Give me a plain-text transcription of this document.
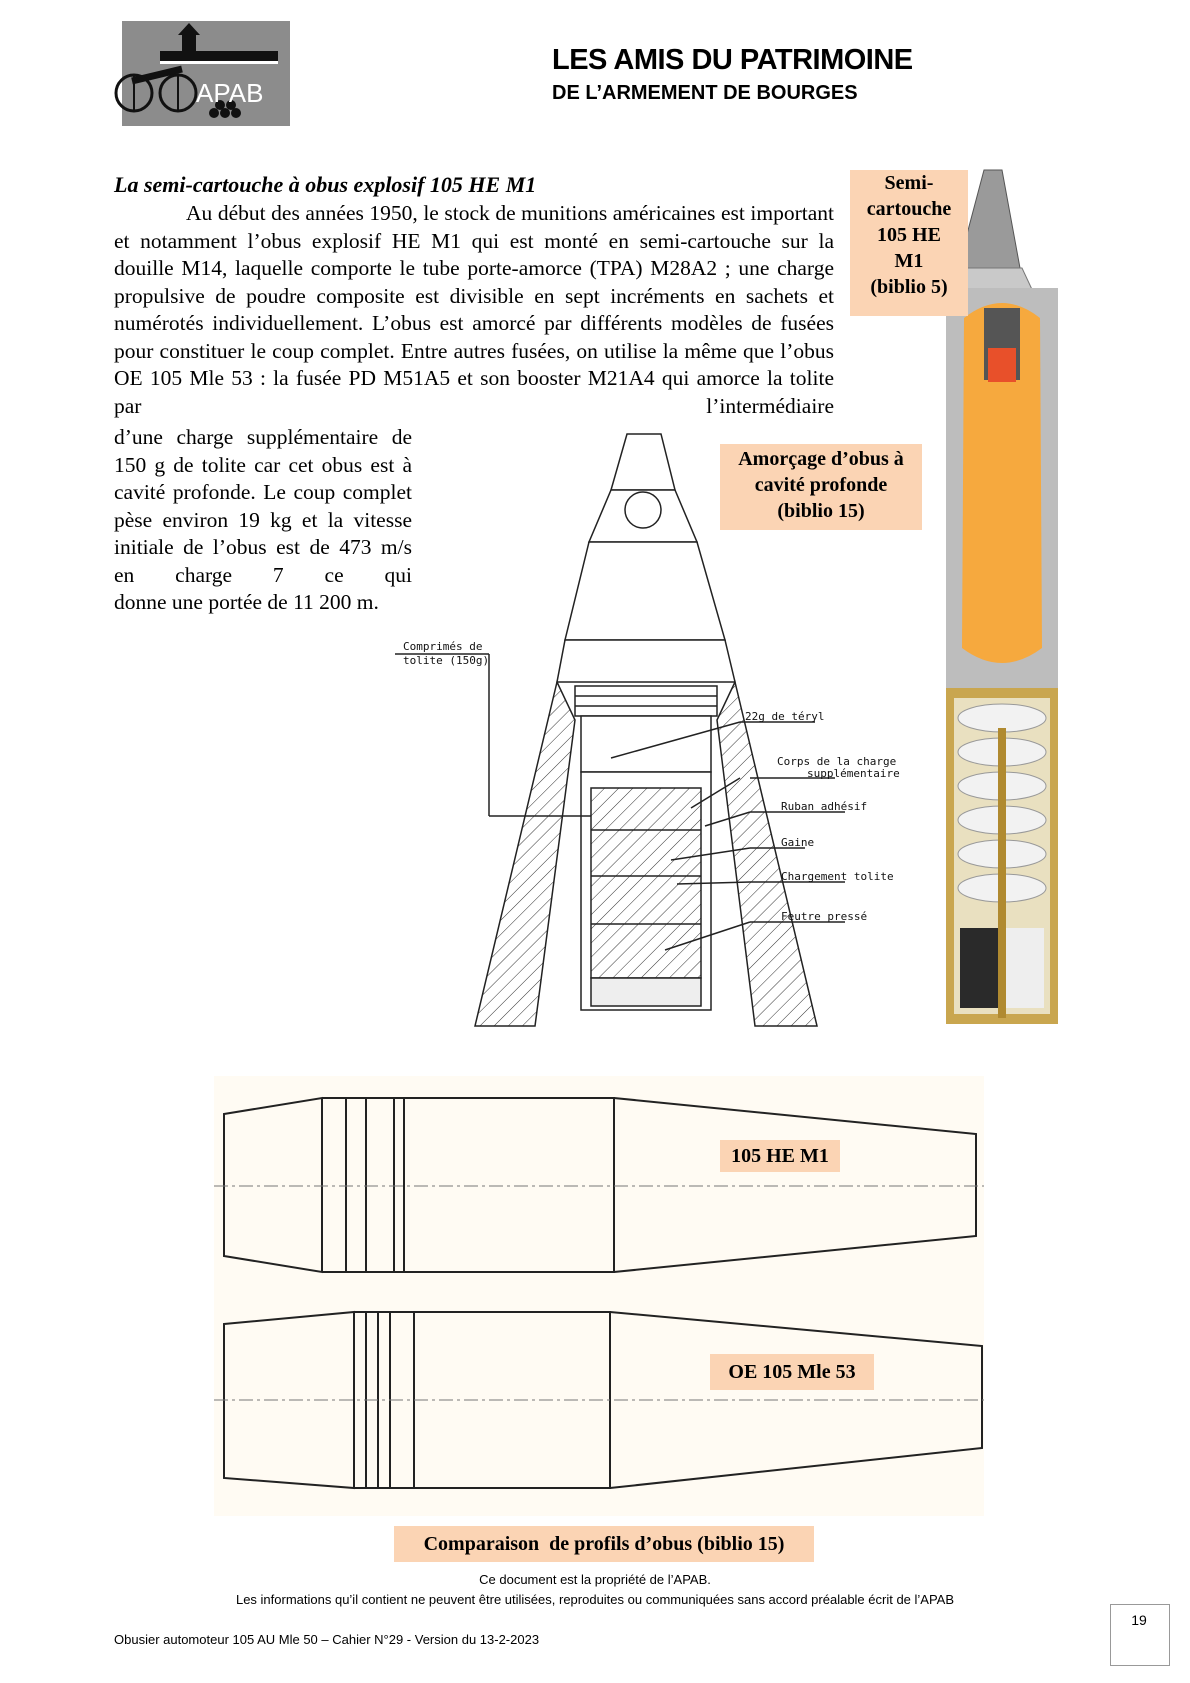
APAB
LES AMIS DU PATRIMOINE
DE L’ARMEMENT DE BOURGES
La semi-cartouche à obus explosif 105 HE M1
Au début des années 1950, le stock de munitions américaines est important et notamment l’obus explosif HE M1 qui est monté en semi-cartouche sur la douille M14, laquelle comporte le tube porte-amorce (TPA) M28A2 ; une charge propulsive de poudre composite est divisible en sept incréments en sachets et numérotés individuellement. L’obus est amorcé par différents modèles de fusées pour constituer le coup complet. Entre autres fusées, on utilise la même que l’obus OE 105 Mle 53 : la fusée PD M51A5 et son booster M21A4 qui amorce la tolite par l’intermédiaire
d’une charge supplémentaire de 150 g de tolite car cet obus est à cavité profonde. Le coup complet pèse environ 19 kg et la vitesse initiale de l’obus est de 473 m/s en charge 7 ce qui
donne une portée de 11 200 m.
Semi-
cartouche
105 HE
M1
(biblio 5)
Comprimés de
tolite (150g)
22g de téryl
Corps de la charge
supplémentaire
Ruban adhésif
Gaine
Chargement tolite
Feutre pressé
Amorçage d’obus à
cavité profonde
(biblio 15)
105 HE M1
OE 105 Mle 53
Comparaison  de profils d’obus (biblio 15)
Ce document est la propriété de l’APAB.
Les informations qu’il contient ne peuvent être utilisées, reproduites ou communiquées sans accord préalable écrit de l’APAB
Obusier automoteur 105 AU Mle 50 – Cahier N°29 - Version du 13-2-2023
19
